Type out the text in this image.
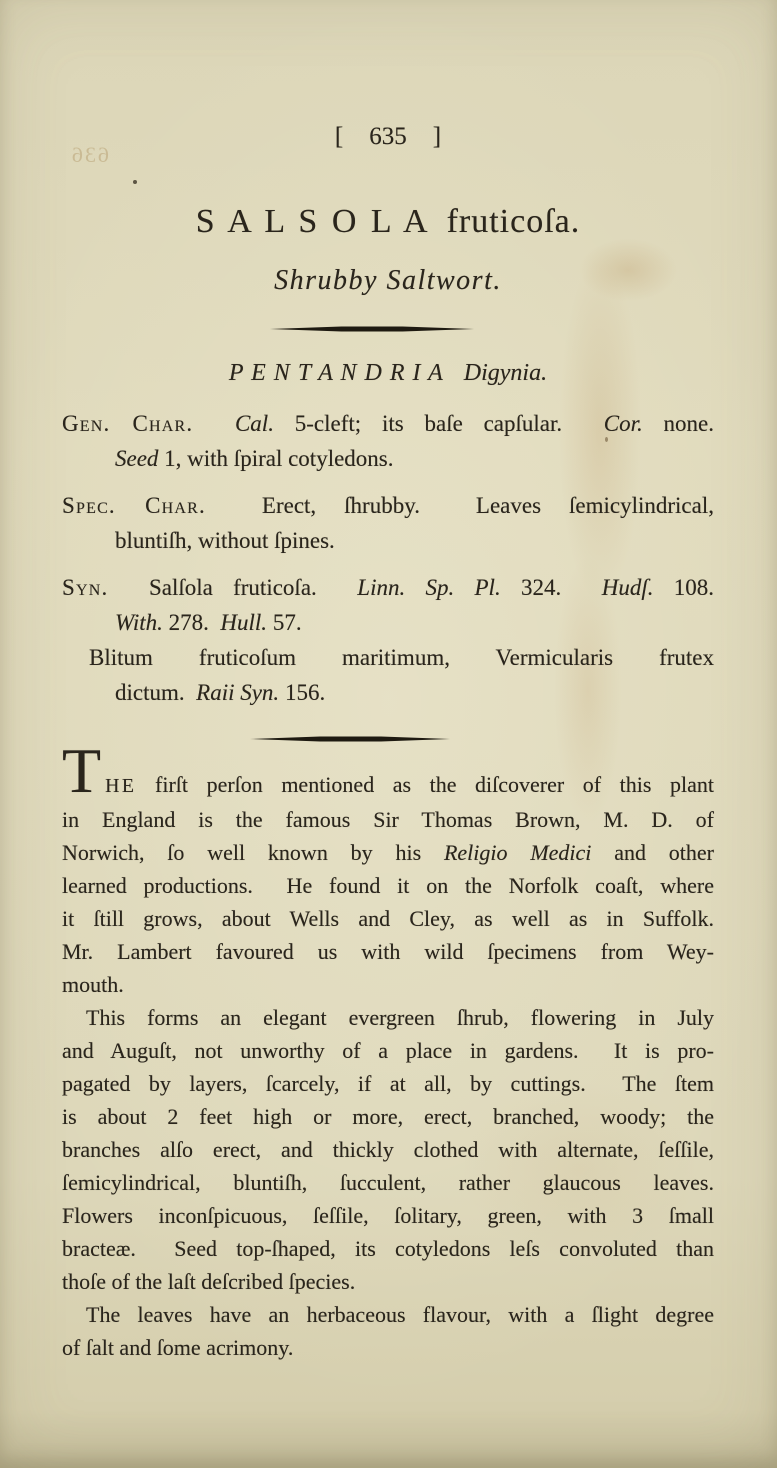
636
[ 635 ]
S A L S O L A fruticoſa.
Shrubby Saltwort.
P E N T A N D R I A Digynia.
Gen. Char. Cal. 5-cleft; its baſe capſular.  Cor. none.
Seed 1, with ſpiral cotyledons.
Spec. Char.  Erect, ſhrubby.  Leaves ſemicylindrical,
bluntiſh, without ſpines.
Syn.  Salſola fruticoſa.  Linn. Sp. Pl. 324.  Hudſ. 108.
With. 278.  Hull. 57.
Blitum fruticoſum maritimum, Vermicularis frutex
dictum.  Raii Syn. 156.
THE firſt perſon mentioned as the diſcoverer of this plant
in England is the famous Sir Thomas Brown, M. D. of
Norwich, ſo well known by his Religio Medici and other
learned productions.  He found it on the Norfolk coaſt, where
it ſtill grows, about Wells and Cley, as well as in Suffolk.
Mr. Lambert favoured us with wild ſpecimens from Wey-
mouth.
This forms an elegant evergreen ſhrub, flowering in July
and Auguſt, not unworthy of a place in gardens.  It is pro-
pagated by layers, ſcarcely, if at all, by cuttings.  The ſtem
is about 2 feet high or more, erect, branched, woody; the
branches alſo erect, and thickly clothed with alternate, ſeſſile,
ſemicylindrical, bluntiſh, ſucculent, rather glaucous leaves.
Flowers inconſpicuous, ſeſſile, ſolitary, green, with 3 ſmall
bracteæ.  Seed top-ſhaped, its cotyledons leſs convoluted than
thoſe of the laſt deſcribed ſpecies.
The leaves have an herbaceous flavour, with a ſlight degree
of ſalt and ſome acrimony.
